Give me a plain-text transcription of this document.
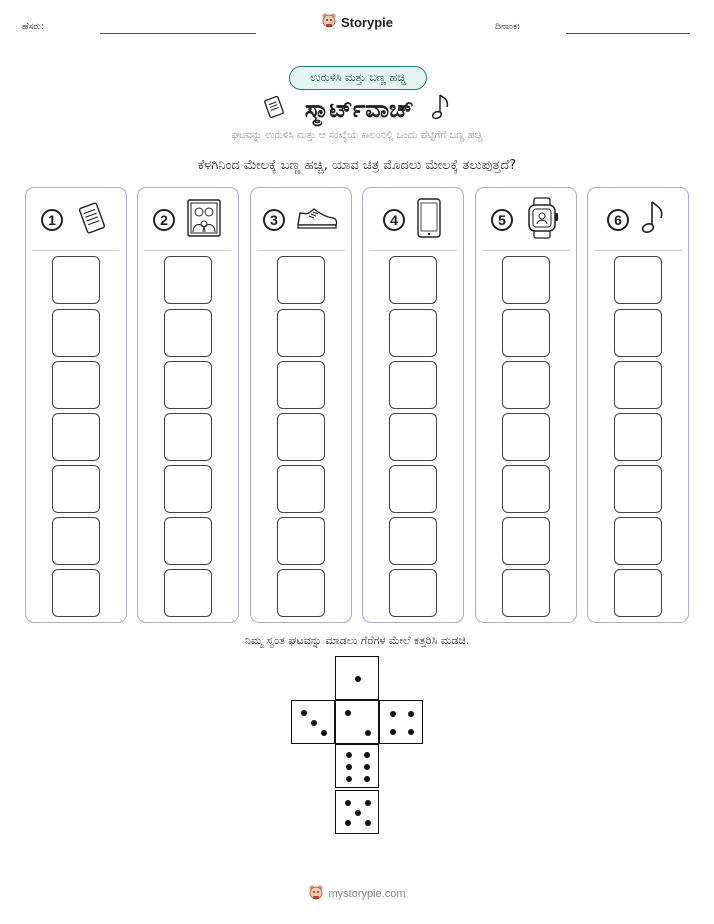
ಹೆಸರು:	Storypie	ದಿನಾಂಕ:
ಉರುಳಿಸಿ ಮತ್ತು ಬಣ್ಣ ಹಚ್ಚಿ
ಸ್ಮಾರ್ಟ್‌ವಾಚ್
ಘಟವನ್ನು ಉರುಳಿಸಿ ಮತ್ತು ಆ ಸಂಖ್ಯೆಯ ಕಾಲಂನಲ್ಲಿ ಒಂದು ಪೆಟ್ಟಿಗೆಗೆ ಬಣ್ಣ ಹಚ್ಚಿ
ಕೆಳಗಿನಿಂದ ಮೇಲಕ್ಕೆ ಬಣ್ಣ ಹಚ್ಚಿ, ಯಾವ ಚಿತ್ರ ಮೊದಲು ಮೇಲಕ್ಕೆ ತಲುಪುತ್ತದೆ?
1	2	3	4	5	6
ನಿಮ್ಮ ಸ್ವಂತ ಘಟವನ್ನು ಮಾಡಲು ಗೆರೆಗಳ ಮೇಲೆ ಕತ್ತರಿಸಿ ಮಡಚಿ.
mystorypie.com
